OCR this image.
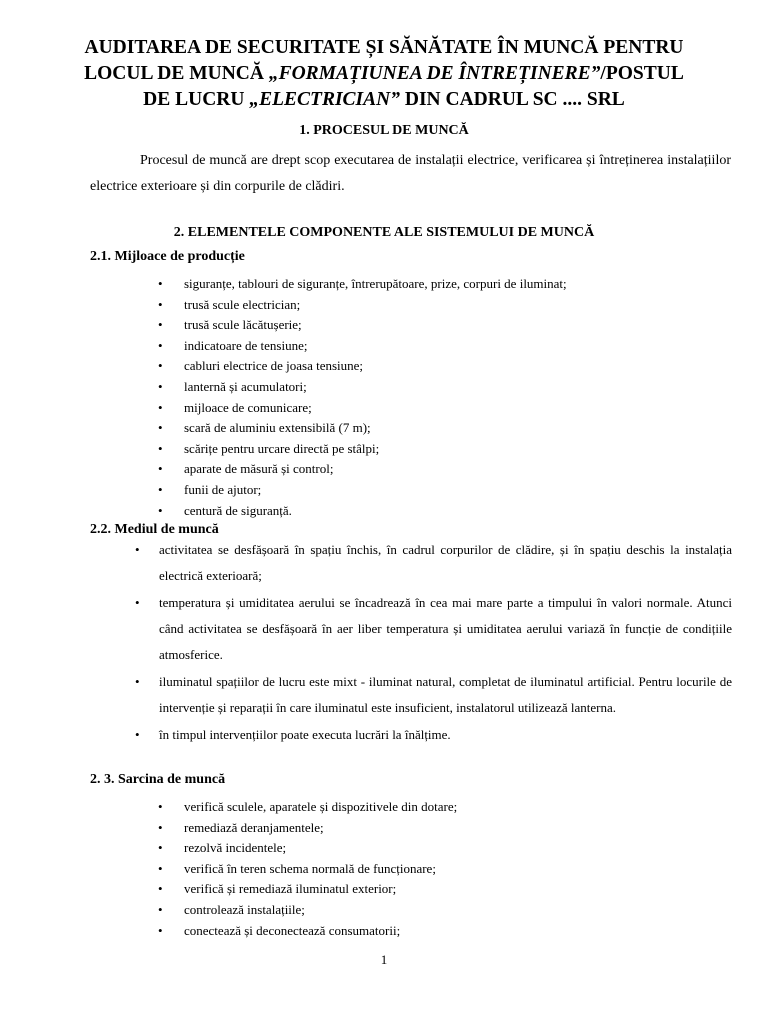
AUDITAREA DE SECURITATE ȘI SĂNĂTATE ÎN MUNCĂ PENTRU
LOCUL DE MUNCĂ „FORMAȚIUNEA DE ÎNTREȚINERE”/POSTUL
DE LUCRU „ELECTRICIAN” DIN CADRUL SC .... SRL
1. PROCESUL DE MUNCĂ

Procesul de muncă are drept scop executarea de instalații electrice, verificarea și întreținerea instalațiilor electrice exterioare și din corpurile de clădiri.

2. ELEMENTELE COMPONENTE ALE SISTEMULUI DE MUNCĂ
2.1. Mijloace de producție
• siguranțe, tablouri de siguranțe, întrerupătoare, prize, corpuri de iluminat;
• trusă scule electrician;
• trusă scule lăcătușerie;
• indicatoare de tensiune;
• cabluri electrice de joasa tensiune;
• lanternă și acumulatori;
• mijloace de comunicare;
• scară de aluminiu extensibilă (7 m);
• scărițe pentru urcare directă pe stâlpi;
• aparate de măsură și control;
• funii de ajutor;
• centură de siguranță.
2.2. Mediul de muncă
• activitatea se desfășoară în spațiu închis, în cadrul corpurilor de clădire, și în spațiu deschis la instalația electrică exterioară;
• temperatura și umiditatea aerului se încadrează în cea mai mare parte a timpului în valori normale. Atunci când activitatea se desfășoară în aer liber temperatura și umiditatea aerului variază în funcție de condițiile atmosferice.
• iluminatul spațiilor de lucru este mixt - iluminat natural, completat de iluminatul artificial. Pentru locurile de intervenție și reparații în care iluminatul este insuficient, instalatorul utilizează lanterna.
• în timpul intervențiilor poate executa lucrări la înălțime.
2. 3. Sarcina de muncă
• verifică sculele, aparatele și dispozitivele din dotare;
• remediază deranjamentele;
• rezolvă incidentele;
• verifică în teren schema normală de funcționare;
• verifică și remediază iluminatul exterior;
• controlează instalațiile;
• conectează și deconectează consumatorii;
1
